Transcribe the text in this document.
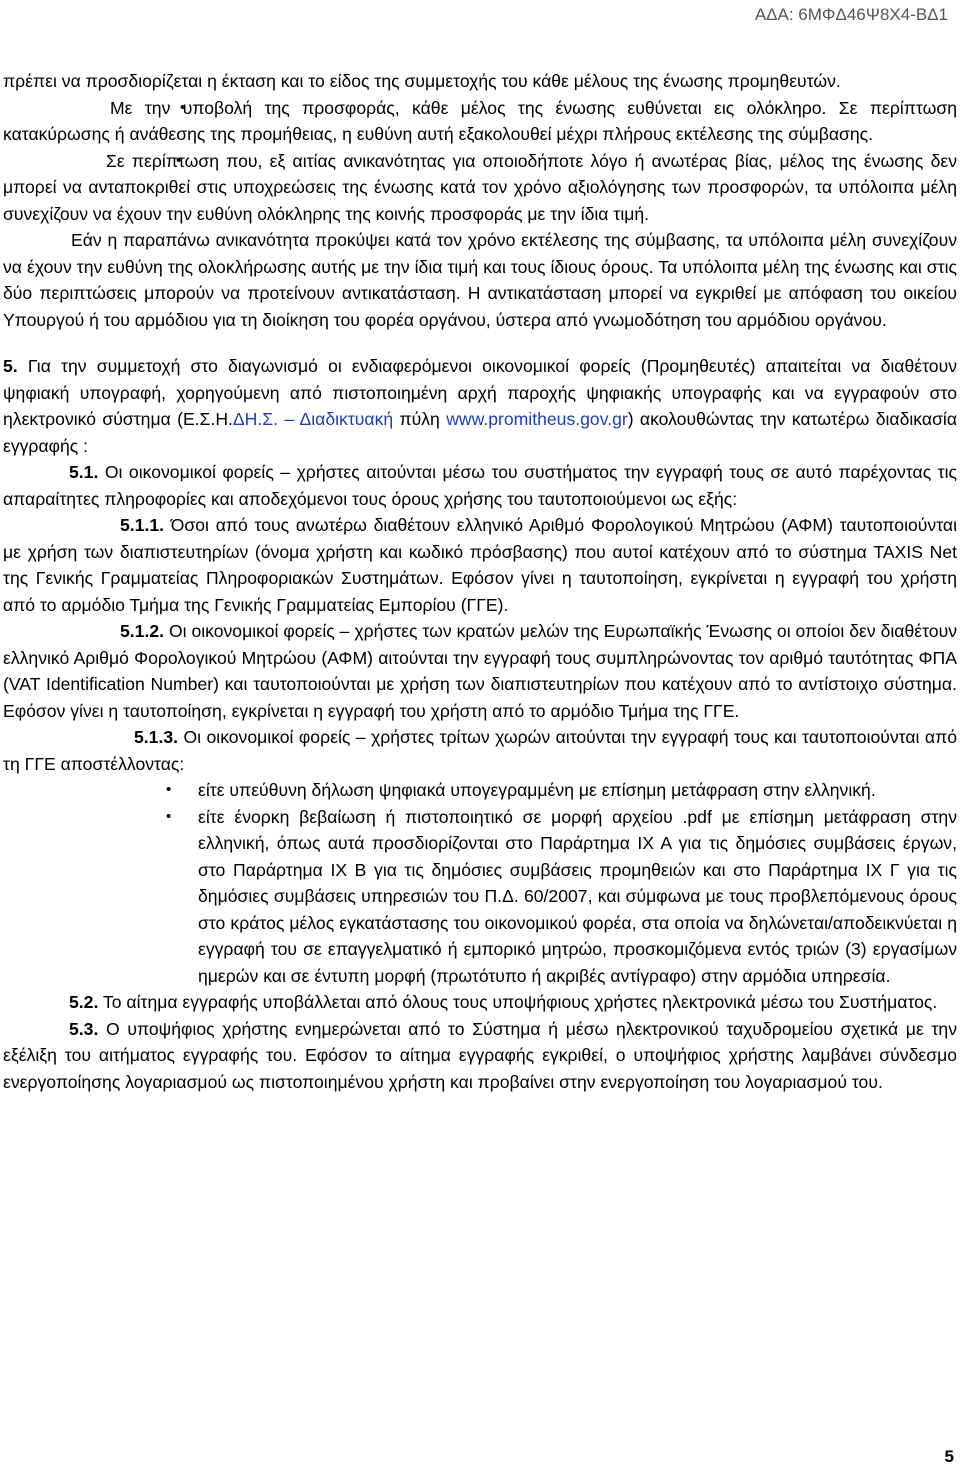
ΑΔΑ: 6ΜΦΔ46Ψ8Χ4-ΒΔ1

πρέπει να προσδιορίζεται η έκταση και το είδος της συμμετοχής του κάθε μέλους της ένωσης προμηθευτών.

• Με την υποβολή της προσφοράς, κάθε μέλος της ένωσης ευθύνεται εις ολόκληρο. Σε περίπτωση κατακύρωσης ή ανάθεσης της προμήθειας, η ευθύνη αυτή εξακολουθεί μέχρι πλήρους εκτέλεσης της σύμβασης.

• Σε περίπτωση που, εξ αιτίας ανικανότητας για οποιοδήποτε λόγο ή ανωτέρας βίας, μέλος της ένωσης δεν μπορεί να ανταποκριθεί στις υποχρεώσεις της ένωσης κατά τον χρόνο αξιολόγησης των προσφορών, τα υπόλοιπα μέλη συνεχίζουν να έχουν την ευθύνη ολόκληρης της κοινής προσφοράς με την ίδια τιμή.

Εάν η παραπάνω ανικανότητα προκύψει κατά τον χρόνο εκτέλεσης της σύμβασης, τα υπόλοιπα μέλη συνεχίζουν να έχουν την ευθύνη της ολοκλήρωσης αυτής με την ίδια τιμή και τους ίδιους όρους. Τα υπόλοιπα μέλη της ένωσης και στις δύο περιπτώσεις μπορούν να προτείνουν αντικατάσταση. Η αντικατάσταση μπορεί να εγκριθεί με απόφαση του οικείου Υπουργού ή του αρμόδιου για τη διοίκηση του φορέα οργάνου, ύστερα από γνωμοδότηση του αρμόδιου οργάνου.

5. Για την συμμετοχή στο διαγωνισμό οι ενδιαφερόμενοι οικονομικοί φορείς (Προμηθευτές) απαιτείται να διαθέτουν ψηφιακή υπογραφή, χορηγούμενη από πιστοποιημένη αρχή παροχής ψηφιακής υπογραφής και να εγγραφούν στο ηλεκτρονικό σύστημα (Ε.Σ.Η.ΔΗ.Σ. – Διαδικτυακή πύλη www.promitheus.gov.gr) ακολουθώντας την κατωτέρω διαδικασία εγγραφής :

5.1. Οι οικονομικοί φορείς – χρήστες αιτούνται μέσω του συστήματος την εγγραφή τους σε αυτό παρέχοντας τις απαραίτητες πληροφορίες και αποδεχόμενοι τους όρους χρήσης του ταυτοποιούμενοι ως εξής:

5.1.1. Όσοι από τους ανωτέρω διαθέτουν ελληνικό Αριθμό Φορολογικού Μητρώου (ΑΦΜ) ταυτοποιούνται με χρήση των διαπιστευτηρίων (όνομα χρήστη και κωδικό πρόσβασης) που αυτοί κατέχουν από το σύστημα TAXIS Net της Γενικής Γραμματείας Πληροφοριακών Συστημάτων. Εφόσον γίνει η ταυτοποίηση, εγκρίνεται η εγγραφή του χρήστη από το αρμόδιο Τμήμα της Γενικής Γραμματείας Εμπορίου (ΓΓΕ).

5.1.2. Οι οικονομικοί φορείς – χρήστες των κρατών μελών της Ευρωπαϊκής Ένωσης οι οποίοι δεν διαθέτουν ελληνικό Αριθμό Φορολογικού Μητρώου (ΑΦΜ) αιτούνται την εγγραφή τους συμπληρώνοντας τον αριθμό ταυτότητας ΦΠΑ (VAT Identification Number) και ταυτοποιούνται με χρήση των διαπιστευτηρίων που κατέχουν από το αντίστοιχο σύστημα. Εφόσον γίνει η ταυτοποίηση, εγκρίνεται η εγγραφή του χρήστη από το αρμόδιο Τμήμα της ΓΓΕ.

5.1.3. Οι οικονομικοί φορείς – χρήστες τρίτων χωρών αιτούνται την εγγραφή τους και ταυτοποιούνται από τη ΓΓΕ αποστέλλοντας:

• είτε υπεύθυνη δήλωση ψηφιακά υπογεγραμμένη με επίσημη μετάφραση στην ελληνική.

• είτε ένορκη βεβαίωση ή πιστοποιητικό σε μορφή αρχείου .pdf με επίσημη μετάφραση στην ελληνική, όπως αυτά προσδιορίζονται στο Παράρτημα IX A για τις δημόσιες συμβάσεις έργων, στο Παράρτημα IX B για τις δημόσιες συμβάσεις προμηθειών και στο Παράρτημα IX Γ για τις δημόσιες συμβάσεις υπηρεσιών του Π.Δ. 60/2007, και σύμφωνα με τους προβλεπόμενους όρους στο κράτος μέλος εγκατάστασης του οικονομικού φορέα, στα οποία να δηλώνεται/αποδεικνύεται η εγγραφή του σε επαγγελματικό ή εμπορικό μητρώο, προσκομιζόμενα εντός τριών (3) εργασίμων ημερών και σε έντυπη μορφή (πρωτότυπο ή ακριβές αντίγραφο) στην αρμόδια υπηρεσία.

5.2. Το αίτημα εγγραφής υποβάλλεται από όλους τους υποψήφιους χρήστες ηλεκτρονικά μέσω του Συστήματος.

5.3. Ο υποψήφιος χρήστης ενημερώνεται από το Σύστημα ή μέσω ηλεκτρονικού ταχυδρομείου σχετικά με την εξέλιξη του αιτήματος εγγραφής του. Εφόσον το αίτημα εγγραφής εγκριθεί, ο υποψήφιος χρήστης λαμβάνει σύνδεσμο ενεργοποίησης λογαριασμού ως πιστοποιημένου χρήστη και προβαίνει στην ενεργοποίηση του λογαριασμού του.

5
